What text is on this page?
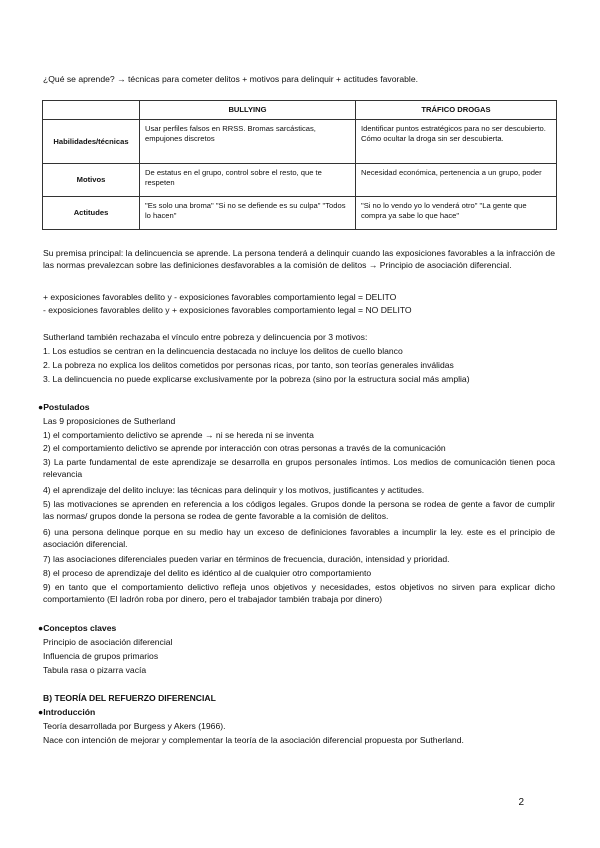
¿Qué se aprende? → técnicas para cometer delitos + motivos para delinquir + actitudes favorable.
	BULLYING	TRÁFICO DROGAS
Habilidades/técnicas	Usar perfiles falsos en RRSS. Bromas sarcásticas, empujones discretos	Identificar puntos estratégicos para no ser descubierto. Cómo ocultar la droga sin ser descubierta.
Motivos	De estatus en el grupo, control sobre el resto, que te respeten	Necesidad económica, pertenencia a un grupo, poder
Actitudes	"Es solo una broma" "Si no se defiende es su culpa" "Todos lo hacen"	"Si no lo vendo yo lo venderá otro" "La gente que compra ya sabe lo que hace"
Su premisa principal: la delincuencia se aprende. La persona tenderá a delinquir cuando las exposiciones favorables a la infracción de las normas prevalezcan sobre las definiciones desfavorables a la comisión de delitos → Principio de asociación diferencial.
+ exposiciones favorables delito y - exposiciones favorables comportamiento legal = DELITO
- exposiciones favorables delito y + exposiciones favorables comportamiento legal = NO DELITO
Sutherland también rechazaba el vínculo entre pobreza y delincuencia por 3 motivos:
1. Los estudios se centran en la delincuencia destacada no incluye los delitos de cuello blanco
2. La pobreza no explica los delitos cometidos por personas ricas, por tanto, son teorías generales inválidas
3. La delincuencia no puede explicarse exclusivamente por la pobreza (sino por la estructura social más amplia)
●Postulados
Las 9 proposiciones de Sutherland
1) el comportamiento delictivo se aprende → ni se hereda ni se inventa
2) el comportamiento delictivo se aprende por interacción con otras personas a través de la comunicación
3) La parte fundamental de este aprendizaje se desarrolla en grupos personales íntimos. Los medios de comunicación tienen poca relevancia
4) el aprendizaje del delito incluye: las técnicas para delinquir y los motivos, justificantes y actitudes.
5) las motivaciones se aprenden en referencia a los códigos legales. Grupos donde la persona se rodea de gente a favor de cumplir las normas/ grupos donde la persona se rodea de gente favorable a la comisión de delitos.
6) una persona delinque porque en su medio hay un exceso de definiciones favorables a incumplir la ley. este es el principio de asociación diferencial.
7) las asociaciones diferenciales pueden variar en términos de frecuencia, duración, intensidad y prioridad.
8) el proceso de aprendizaje del delito es idéntico al de cualquier otro comportamiento
9) en tanto que el comportamiento delictivo refleja unos objetivos y necesidades, estos objetivos no sirven para explicar dicho comportamiento (El ladrón roba por dinero, pero el trabajador también trabaja por dinero)
●Conceptos claves
Principio de asociación diferencial
Influencia de grupos primarios
Tabula rasa o pizarra vacía
B) TEORÍA DEL REFUERZO DIFERENCIAL
●Introducción
Teoría desarrollada por Burgess y Akers (1966).
Nace con intención de mejorar y complementar la teoría de la asociación diferencial propuesta por Sutherland.
2
